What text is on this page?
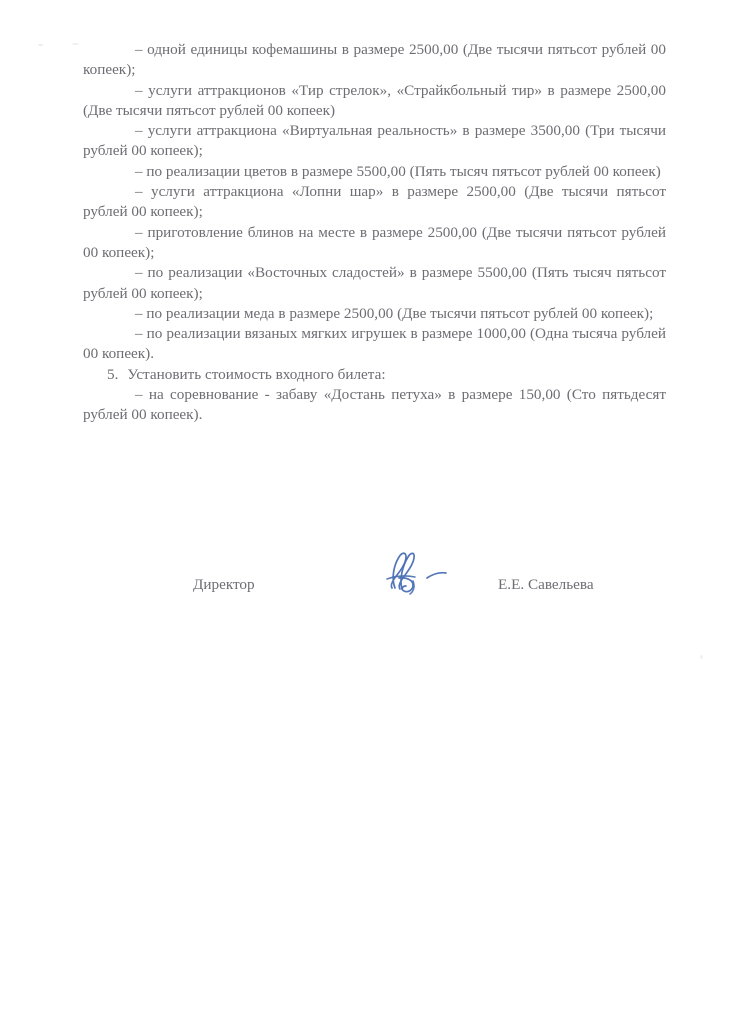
– одной единицы кофемашины в размере 2500,00 (Две тысячи пятьсот рублей 00 копеек);

– услуги аттракционов «Тир стрелок», «Страйкбольный тир» в размере 2500,00 (Две тысячи пятьсот рублей 00 копеек)

– услуги аттракциона «Виртуальная реальность» в размере 3500,00 (Три тысячи рублей 00 копеек);

– по реализации цветов в размере 5500,00 (Пять тысяч пятьсот рублей 00 копеек)

– услуги аттракциона «Лопни шар» в размере 2500,00 (Две тысячи пятьсот рублей 00 копеек);

– приготовление блинов на месте в размере 2500,00 (Две тысячи пятьсот рублей 00 копеек);

– по реализации «Восточных сладостей» в размере 5500,00 (Пять тысяч пятьсот рублей 00 копеек);

– по реализации меда в размере 2500,00 (Две тысячи пятьсот рублей 00 копеек);

– по реализации вязаных мягких игрушек в размере 1000,00 (Одна тысяча рублей 00 копеек).

5. Установить стоимость входного билета:

– на соревнование - забаву «Достань петуха» в размере 150,00 (Сто пятьдесят рублей 00 копеек).

Директор	Е.Е. Савельева
